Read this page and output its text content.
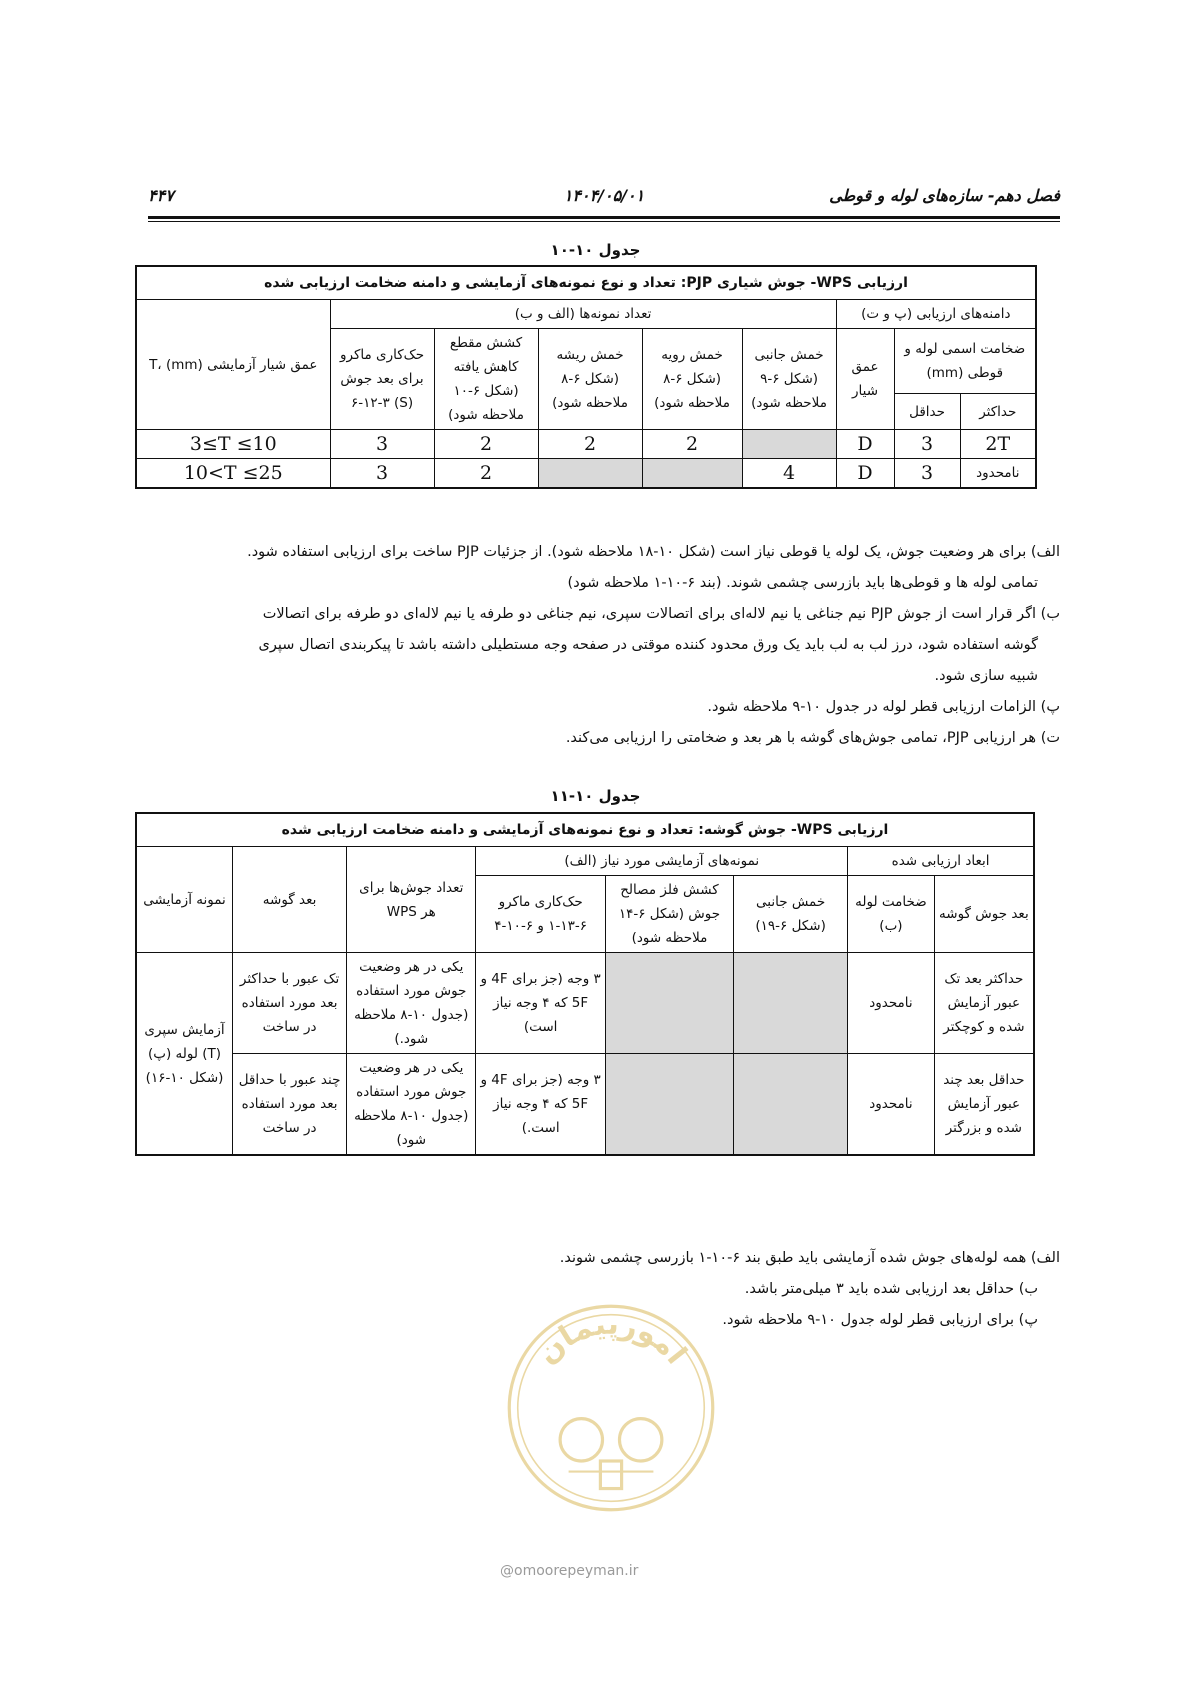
فصل دهم- سازه‌های لوله و قوطی
۱۴۰۴/۰۵/۰۱
۴۴۷
جدول ۱۰-۱۰
ارزیابی WPS- جوش شیاری PJP: تعداد و نوع نمونه‌های آزمایشی و دامنه ضخامت ارزیابی شده								
دامنه‌های ارزیابی (پ و ت)			تعداد نمونه‌ها (الف و ب)					عمق شیار آزمایشی T، (mm)
ضخامت اسمی لوله و قوطی (mm)		عمق شیار	خمش جانبی (شکل ۶-۹ ملاحظه شود)	خمش رویه (شکل ۶-۸ ملاحظه شود)	خمش ریشه (شکل ۶-۸ ملاحظه شود)	کشش مقطع کاهش یافته (شکل ۶-۱۰ ملاحظه شود)	حک‌کاری ماکرو برای بعد جوش (S) ۶-۱۲-۳	
حداکثر	حداقل							
2T	3	D		2	2	2	3	3≤T ≤10
نامحدود	3	D	4			2	3	10<T ≤25

الف) برای هر وضعیت جوش، یک لوله یا قوطی نیاز است (شکل ۱۰-۱۸ ملاحظه شود). از جزئیات PJP ساخت برای ارزیابی استفاده شود.

تمامی لوله ها و قوطی‌ها باید بازرسی چشمی شوند. (بند ۶-۱۰-۱ ملاحظه شود)

ب) اگر قرار است از جوش PJP نیم جناغی یا نیم لاله‌ای برای اتصالات سپری، نیم جناغی دو طرفه یا نیم لاله‌ای دو طرفه برای اتصالات

گوشه استفاده شود، درز لب به لب باید یک ورق محدود کننده موقتی در صفحه وجه مستطیلی داشته باشد تا پیکربندی اتصال سپری

شبیه سازی شود.

پ) الزامات ارزیابی قطر لوله در جدول ۱۰-۹ ملاحظه شود.

ت) هر ارزیابی PJP، تمامی جوش‌های گوشه با هر بعد و ضخامتی را ارزیابی می‌کند.

جدول ۱۰-۱۱
ارزیابی WPS- جوش گوشه: تعداد و نوع نمونه‌های آزمایشی و دامنه ضخامت ارزیابی شده							
ابعاد ارزیابی شده		نمونه‌های آزمایشی مورد نیاز (الف)			تعداد جوش‌ها برای هر WPS	بعد گوشه	نمونه آزمایشی
بعد جوش گوشه	ضخامت لوله (ب)	خمش جانبی (شکل ۶-۱۹)	کشش فلز مصالح جوش (شکل ۶-۱۴ ملاحظه شود)	حک‌کاری ماکرو ۶-۱۳-۱ و ۶-۱۰-۴			
حداکثر بعد تک عبور آزمایش شده و کوچکتر	نامحدود			۳ وجه (جز برای 4F و 5F که ۴ وجه نیاز است)	یکی در هر وضعیت جوش مورد استفاده (جدول ۱۰-۸ ملاحظه شود.)	تک عبور با حداکثر بعد مورد استفاده در ساخت	آزمایش سپری (T) لوله (پ) (شکل ۱۰-۱۶)
حداقل بعد چند عبور آزمایش شده و بزرگتر	نامحدود			۳ وجه (جز برای 4F و 5F که ۴ وجه نیاز است.)	یکی در هر وضعیت جوش مورد استفاده (جدول ۱۰-۸ ملاحظه شود)	چند عبور با حداقل بعد مورد استفاده در ساخت	

الف) همه لوله‌های جوش شده آزمایشی باید طبق بند ۶-۱۰-۱ بازرسی چشمی شوند.

ب) حداقل بعد ارزیابی شده باید ۳ میلی‌متر باشد.

پ) برای ارزیابی قطر لوله جدول ۱۰-۹ ملاحظه شود.

امورپیمان
@omoorepeyman.ir
